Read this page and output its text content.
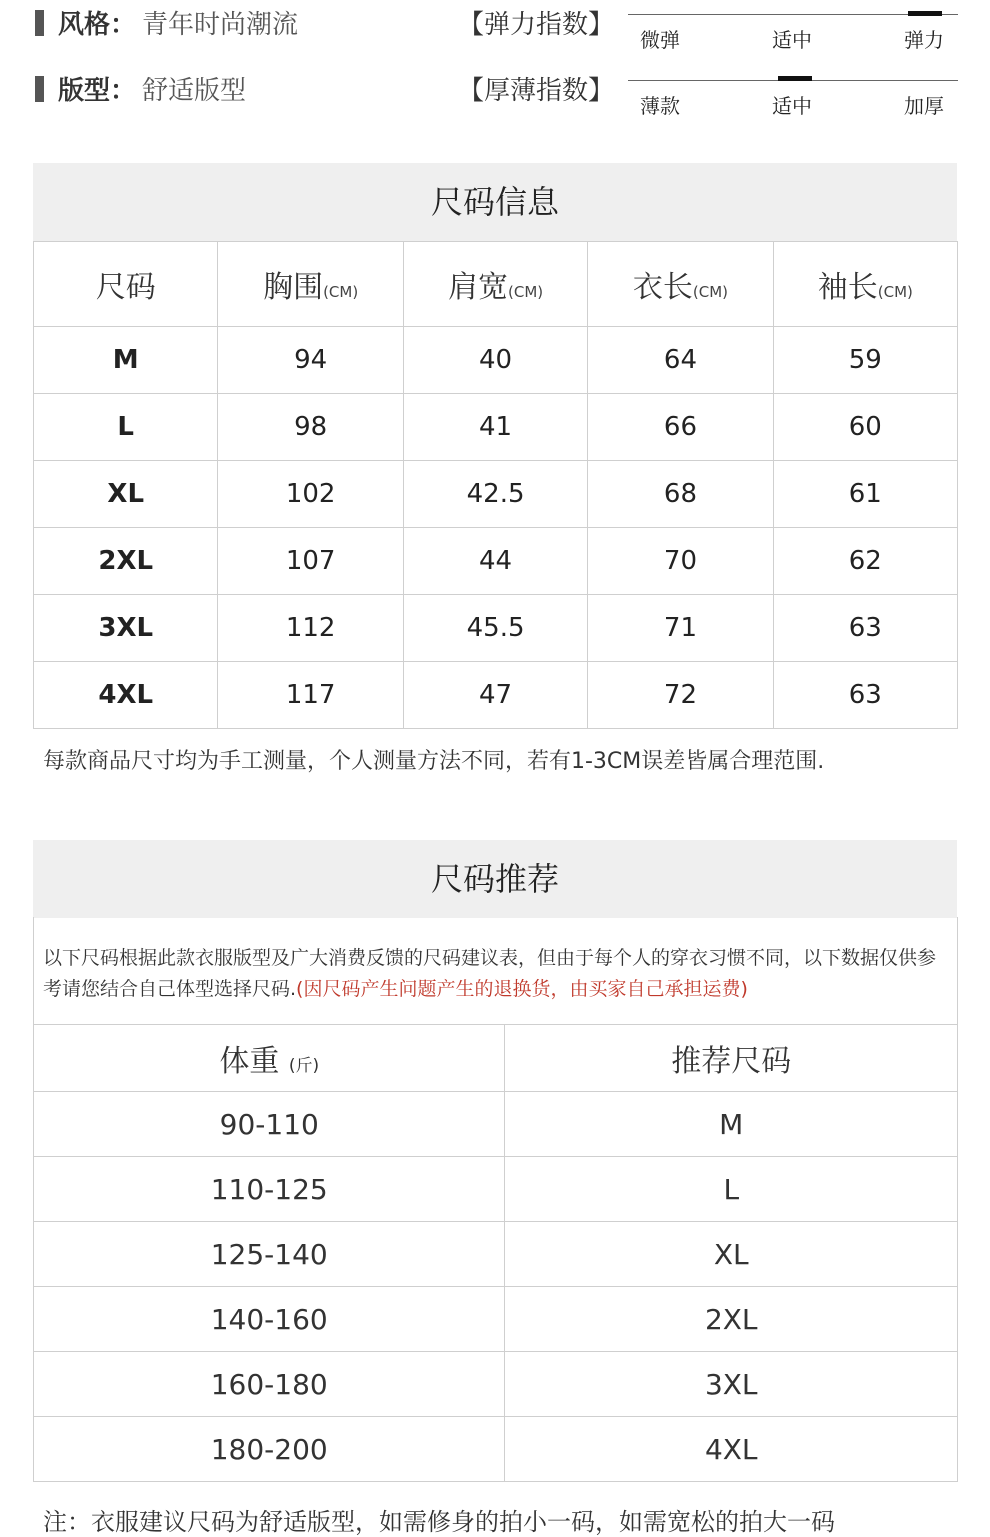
风格： 青年时尚潮流	【弹力指数】 微弹	适中	弹力
版型： 舒适版型	【厚薄指数】 薄款	适中	加厚
尺码信息
尺码	胸围(CM)	肩宽(CM)	衣长(CM)	袖长(CM)
M	94	40	64	59
L	98	41	66	60
XL	102	42.5	68	61
2XL	107	44	70	62
3XL	112	45.5	71	63
4XL	117	47	72	63
每款商品尺寸均为手工测量，个人测量方法不同，若有1-3CM误差皆属合理范围.
尺码推荐
以下尺码根据此款衣服版型及广大消费反馈的尺码建议表，但由于每个人的穿衣习惯不同，以下数据仅供参考请您结合自己体型选择尺码.(因尺码产生问题产生的退换货，由买家自己承担运费)
体重 (斤)	推荐尺码
90-110	M
110-125	L
125-140	XL
140-160	2XL
160-180	3XL
180-200	4XL
注：衣服建议尺码为舒适版型，如需修身的拍小一码，如需宽松的拍大一码
